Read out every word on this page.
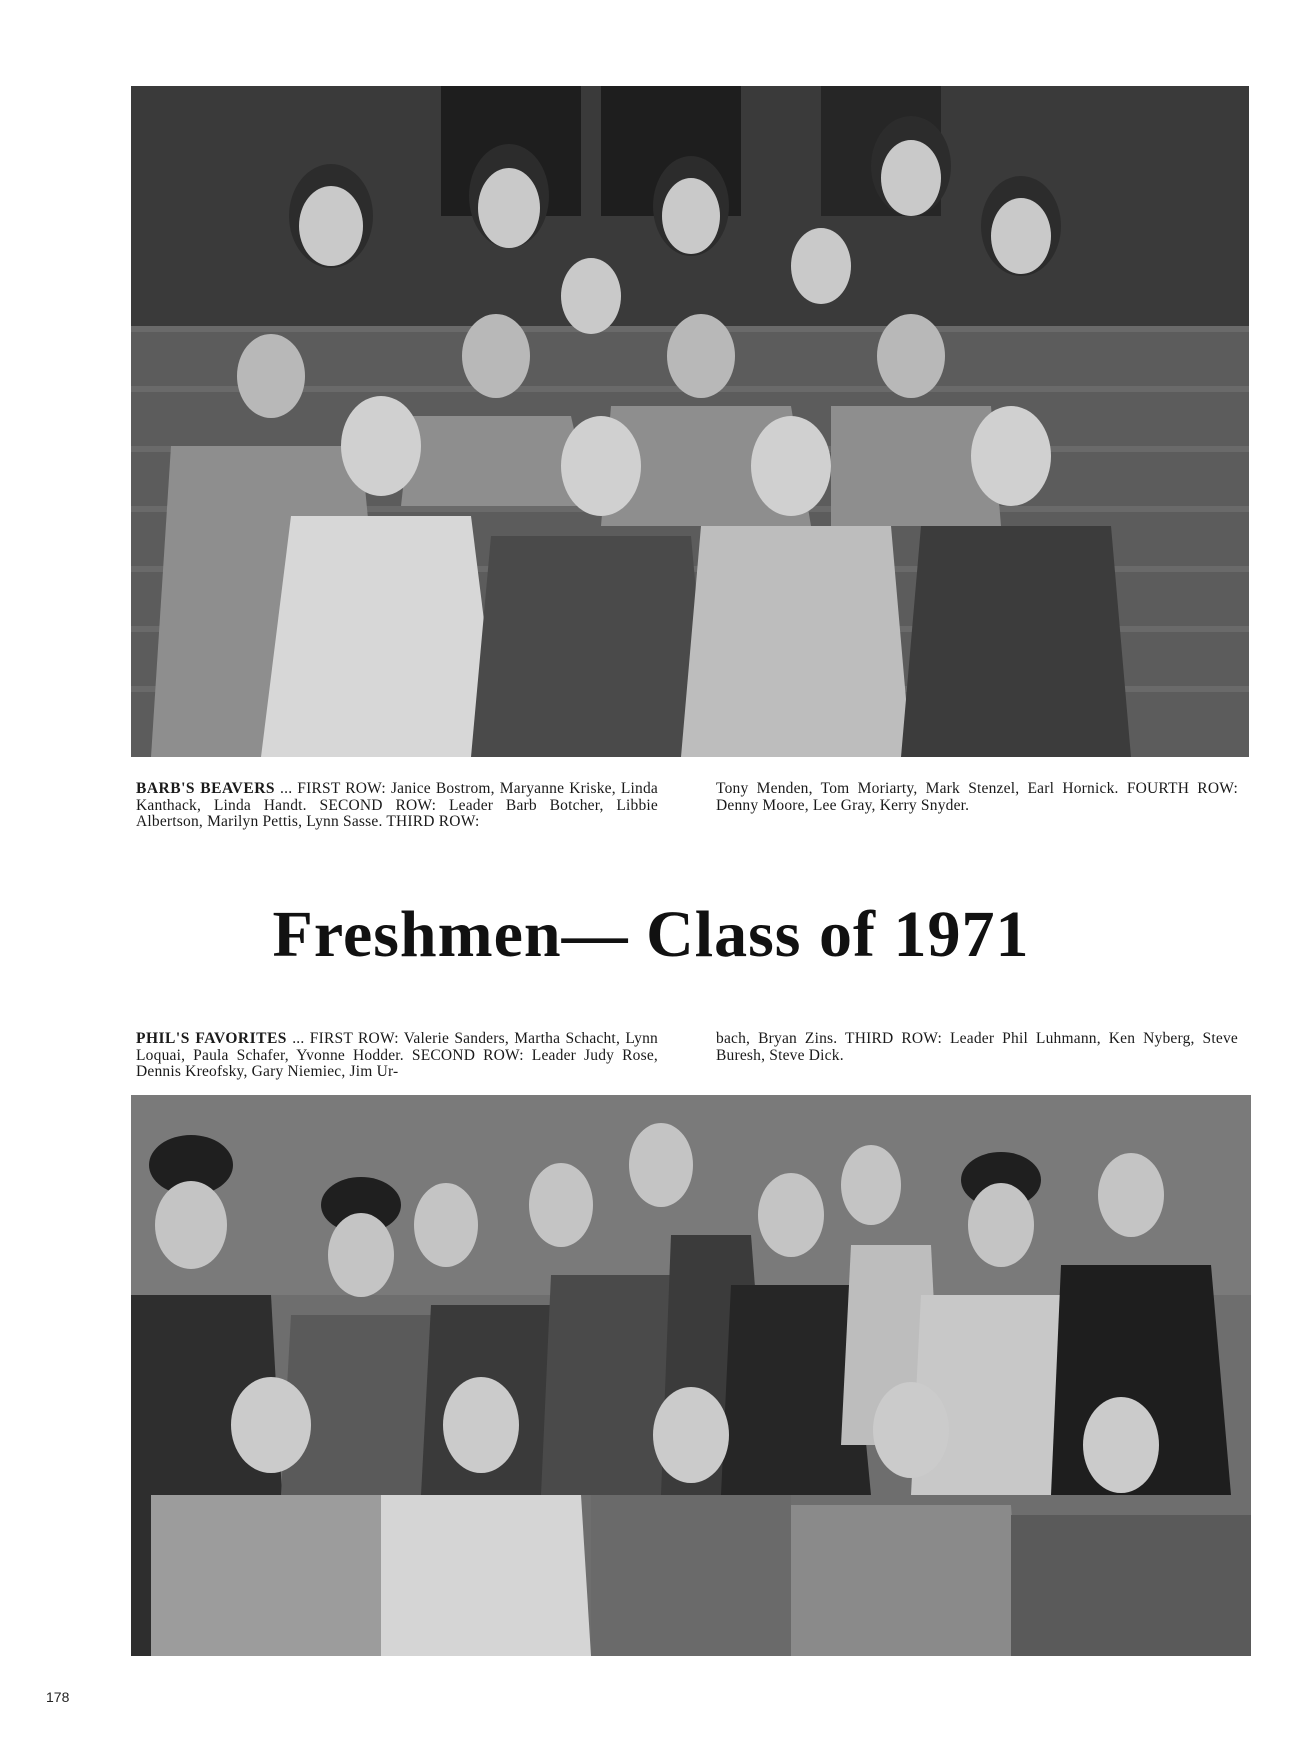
BARB'S BEAVERS ... FIRST ROW: Janice Bostrom, Maryanne Kriske, Linda Kanthack, Linda Handt. SECOND ROW: Leader Barb Botcher, Libbie Albertson, Marilyn Pettis, Lynn Sasse. THIRD ROW:
Tony Menden, Tom Moriarty, Mark Stenzel, Earl Hornick. FOURTH ROW: Denny Moore, Lee Gray, Kerry Snyder.
Freshmen— Class of 1971
PHIL'S FAVORITES ... FIRST ROW: Valerie Sanders, Martha Schacht, Lynn Loquai, Paula Schafer, Yvonne Hodder. SECOND ROW: Leader Judy Rose, Dennis Kreofsky, Gary Niemiec, Jim Ur-
bach, Bryan Zins. THIRD ROW: Leader Phil Luhmann, Ken Nyberg, Steve Buresh, Steve Dick.
178
